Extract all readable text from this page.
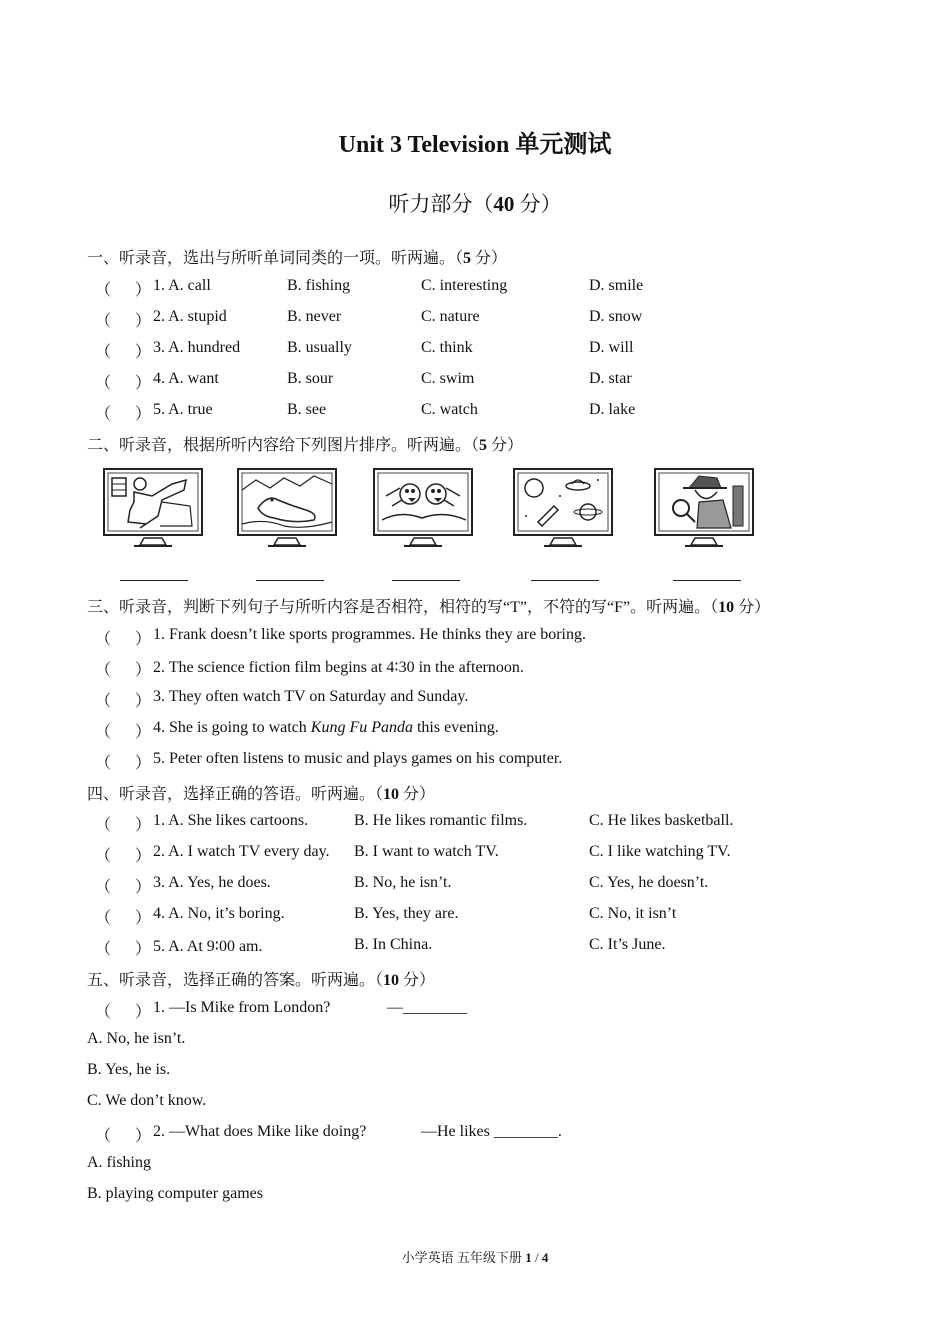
Unit 3 Television 单元测试
听力部分（40 分）
一、听录音，选出与所听单词同类的一项。听两遍。（5 分）
（ ） 1. A. call	B. fishing	C. interesting	D. smile
（ ） 2. A. stupid	B. never	C. nature	D. snow
（ ） 3. A. hundred	B. usually	C. think	D. will
（ ） 4. A. want	B. sour	C. swim	D. star
（ ） 5. A. true	B. see	C. watch	D. lake
二、听录音，根据所听内容给下列图片排序。听两遍。（5 分）
三、听录音，判断下列句子与所听内容是否相符，相符的写“T”，不符的写“F”。听两遍。（10 分）
（ ） 1. Frank doesn’t like sports programmes. He thinks they are boring.
（ ） 2. The science fiction film begins at 4∶30 in the afternoon.
（ ） 3. They often watch TV on Saturday and Sunday.
（ ） 4. She is going to watch Kung Fu Panda this evening.
（ ） 5. Peter often listens to music and plays games on his computer.
四、听录音，选择正确的答语。听两遍。（10 分）
（ ） 1. A. She likes cartoons.	B. He likes romantic films.	C. He likes basketball.
（ ） 2. A. I watch TV every day. B. I want to watch TV.	C. I like watching TV.
（ ） 3. A. Yes, he does.	B. No, he isn’t.	C. Yes, he doesn’t.
（ ） 4. A. No, it’s boring.	B. Yes, they are.	C. No, it isn’t
（ ） 5. A. At 9∶00 am.	B. In China.	C. It’s June.
五、听录音，选择正确的答案。听两遍。（10 分）
（ ） 1. —Is Mike from London?	—________
A. No, he isn’t.
B. Yes, he is.
C. We don’t know.
（ ） 2. —What does Mike like doing?	—He likes ________.
A. fishing
B. playing computer games
小学英语 五年级下册 1 / 4
